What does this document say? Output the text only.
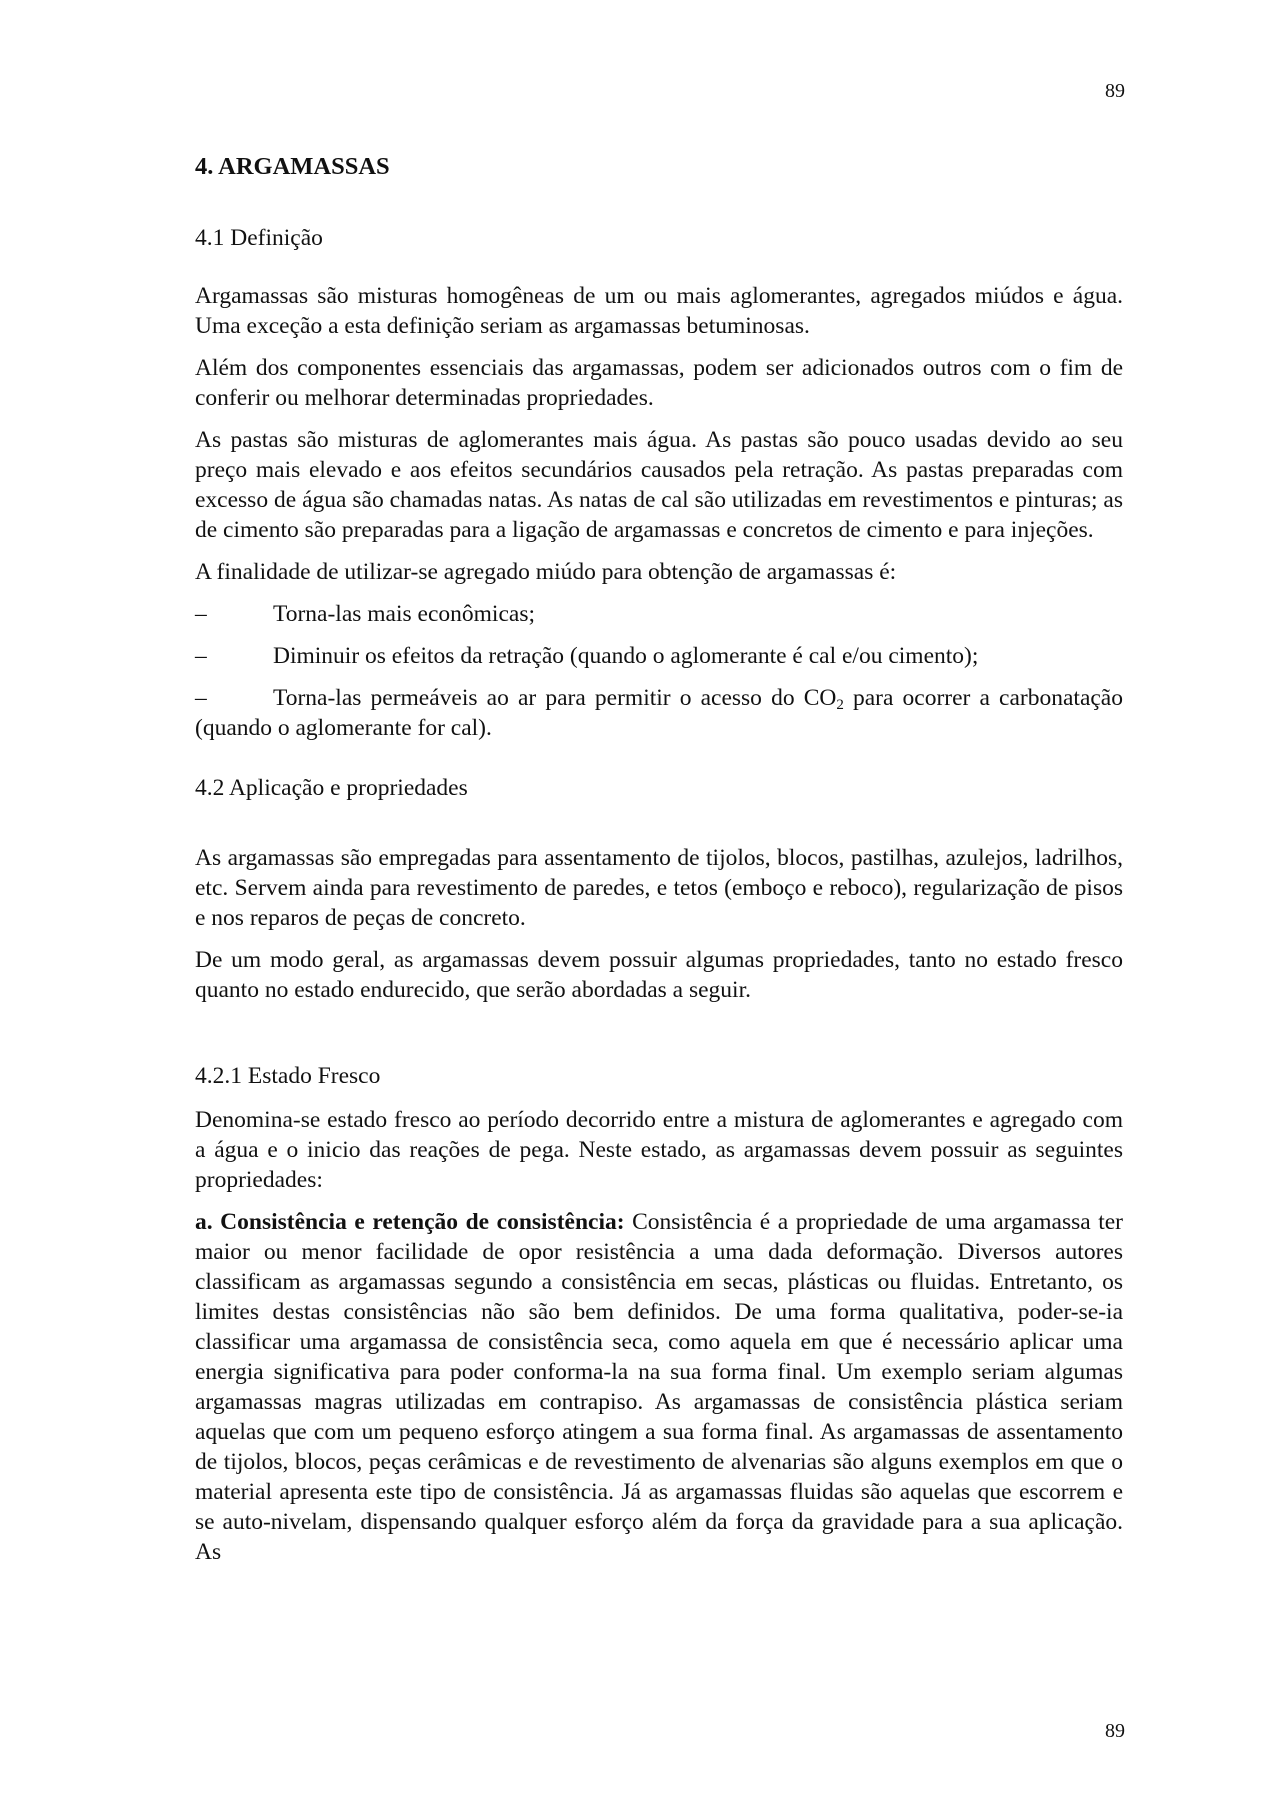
89
4. ARGAMASSAS
4.1 Definição

Argamassas são misturas homogêneas de um ou mais aglomerantes, agregados miúdos e água. Uma exceção a esta definição seriam as argamassas betuminosas.

Além dos componentes essenciais das argamassas, podem ser adicionados outros com o fim de conferir ou melhorar determinadas propriedades.

As pastas são misturas de aglomerantes mais água. As pastas são pouco usadas devido ao seu preço mais elevado e aos efeitos secundários causados pela retração. As pastas preparadas com excesso de água são chamadas natas. As natas de cal são utilizadas em revestimentos e pinturas; as de cimento são preparadas para a ligação de argamassas e concretos de cimento e para injeções.

A finalidade de utilizar-se agregado miúdo para obtenção de argamassas é:

–	Torna-las mais econômicas;
–	Diminuir os efeitos da retração (quando o aglomerante é cal e/ou cimento);
–	Torna-las permeáveis ao ar para permitir o acesso do $CO_2$ para ocorrer a carbonatação (quando o aglomerante for cal).
4.2 Aplicação e propriedades

As argamassas são empregadas para assentamento de tijolos, blocos, pastilhas, azulejos, ladrilhos, etc. Servem ainda para revestimento de paredes, e tetos (emboço e reboco), regularização de pisos e nos reparos de peças de concreto.

De um modo geral, as argamassas devem possuir algumas propriedades, tanto no estado fresco quanto no estado endurecido, que serão abordadas a seguir.

4.2.1 Estado Fresco

Denomina-se estado fresco ao período decorrido entre a mistura de aglomerantes e agregado com a água e o inicio das reações de pega. Neste estado, as argamassas devem possuir as seguintes propriedades:

a. Consistência e retenção de consistência: Consistência é a propriedade de uma argamassa ter maior ou menor facilidade de opor resistência a uma dada deformação. Diversos autores classificam as argamassas segundo a consistência em secas, plásticas ou fluidas. Entretanto, os limites destas consistências não são bem definidos. De uma forma qualitativa, poder-se-ia classificar uma argamassa de consistência seca, como aquela em que é necessário aplicar uma energia significativa para poder conforma-la na sua forma final. Um exemplo seriam algumas argamassas magras utilizadas em contrapiso. As argamassas de consistência plástica seriam aquelas que com um pequeno esforço atingem a sua forma final. As argamassas de assentamento de tijolos, blocos, peças cerâmicas e de revestimento de alvenarias são alguns exemplos em que o material apresenta este tipo de consistência. Já as argamassas fluidas são aquelas que escorrem e se auto-nivelam, dispensando qualquer esforço além da força da gravidade para a sua aplicação. As

89
